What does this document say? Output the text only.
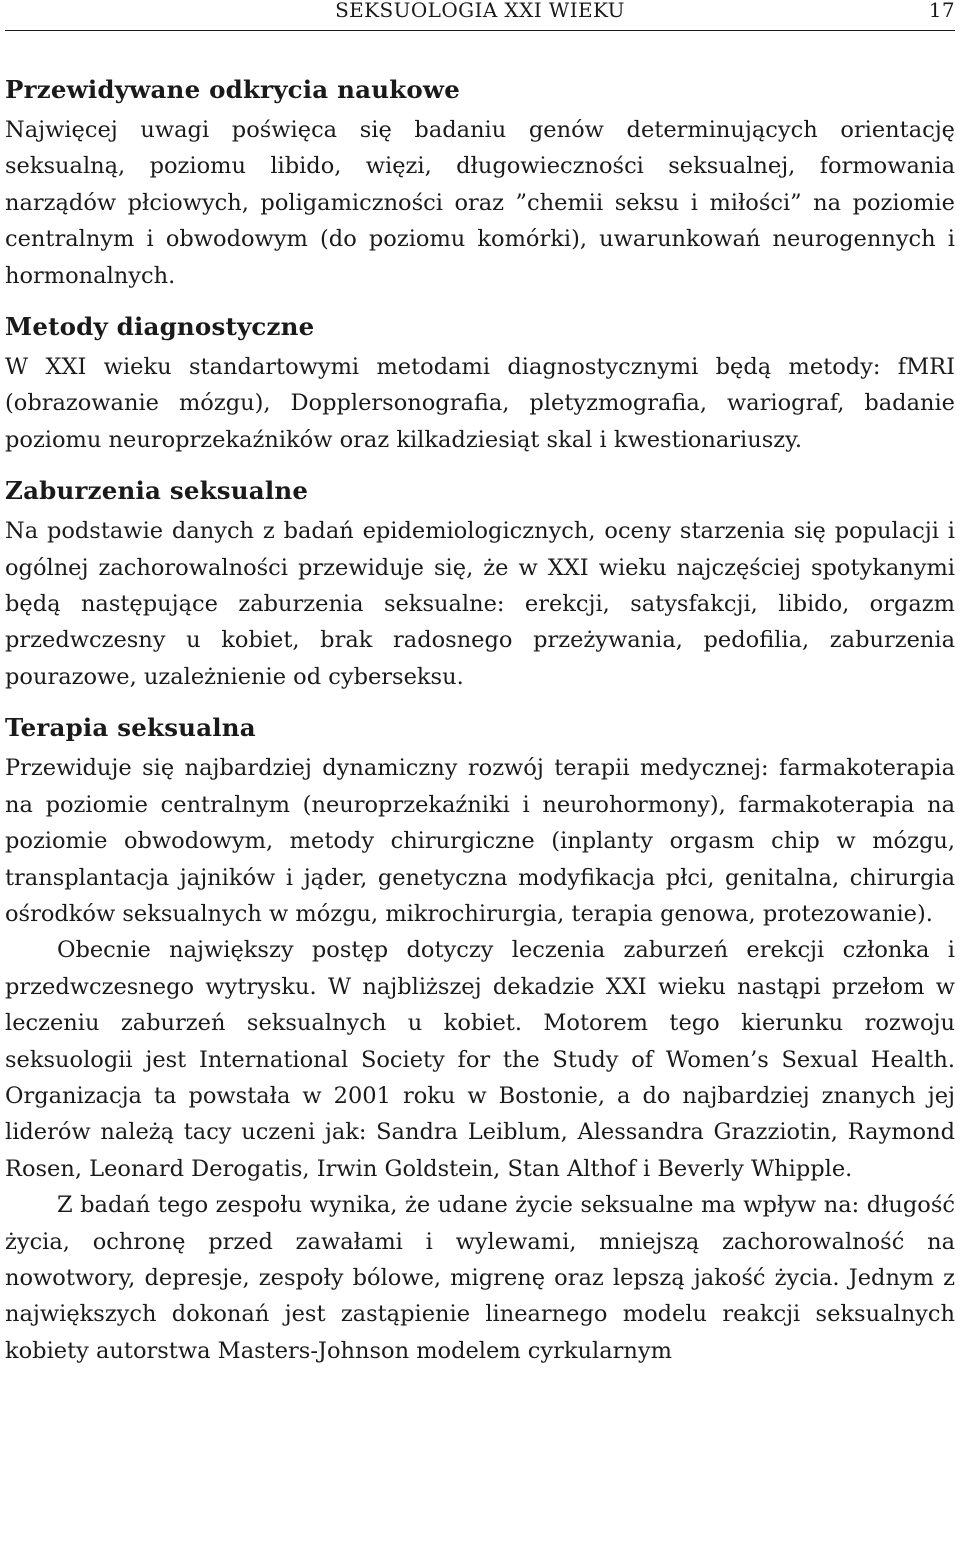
SEKSUOLOGIA XXI WIEKU	17
Przewidywane odkrycia naukowe

Najwięcej uwagi poświęca się badaniu genów determinujących orientację seksualną, poziomu libido, więzi, długowieczności seksualnej, formowania narządów płciowych, poligamiczności oraz ”chemii seksu i miłości” na poziomie centralnym i obwodowym (do poziomu komórki), uwarunkowań neurogennych i hormonalnych.

Metody diagnostyczne

W XXI wieku standartowymi metodami diagnostycznymi będą metody: fMRI (obrazowanie mózgu), Dopplersonografia, pletyzmografia, wariograf, badanie poziomu neuroprzekaźników oraz kilkadziesiąt skal i kwestionariuszy.

Zaburzenia seksualne

Na podstawie danych z badań epidemiologicznych, oceny starzenia się populacji i ogólnej zachorowalności przewiduje się, że w XXI wieku najczęściej spotykanymi będą następujące zaburzenia seksualne: erekcji, satysfakcji, libido, orgazm przedwczesny u kobiet, brak radosnego przeżywania, pedofilia, zaburzenia pourazowe, uzależnienie od cyberseksu.

Terapia seksualna

Przewiduje się najbardziej dynamiczny rozwój terapii medycznej: farmakoterapia na poziomie centralnym (neuroprzekaźniki i neurohormony), farmakoterapia na poziomie obwodowym, metody chirurgiczne (inplanty orgasm chip w mózgu, transplantacja jajników i jąder, genetyczna modyfikacja płci, genitalna, chirurgia ośrodków seksualnych w mózgu, mikrochirurgia, terapia genowa, protezowanie).

Obecnie największy postęp dotyczy leczenia zaburzeń erekcji członka i przedwczesnego wytrysku. W najbliższej dekadzie XXI wieku nastąpi przełom w leczeniu zaburzeń seksualnych u kobiet. Motorem tego kierunku rozwoju seksuologii jest International Society for the Study of Women’s Sexual Health. Organizacja ta powstała w 2001 roku w Bostonie, a do najbardziej znanych jej liderów należą tacy uczeni jak: Sandra Leiblum, Alessandra Grazziotin, Raymond Rosen, Leonard Derogatis, Irwin Goldstein, Stan Althof i Beverly Whipple.

Z badań tego zespołu wynika, że udane życie seksualne ma wpływ na: długość życia, ochronę przed zawałami i wylewami, mniejszą zachorowalność na nowotwory, depresje, zespoły bólowe, migrenę oraz lepszą jakość życia. Jednym z największych dokonań jest zastąpienie linearnego modelu reakcji seksualnych kobiety autorstwa Masters-Johnson modelem cyrkularnym
